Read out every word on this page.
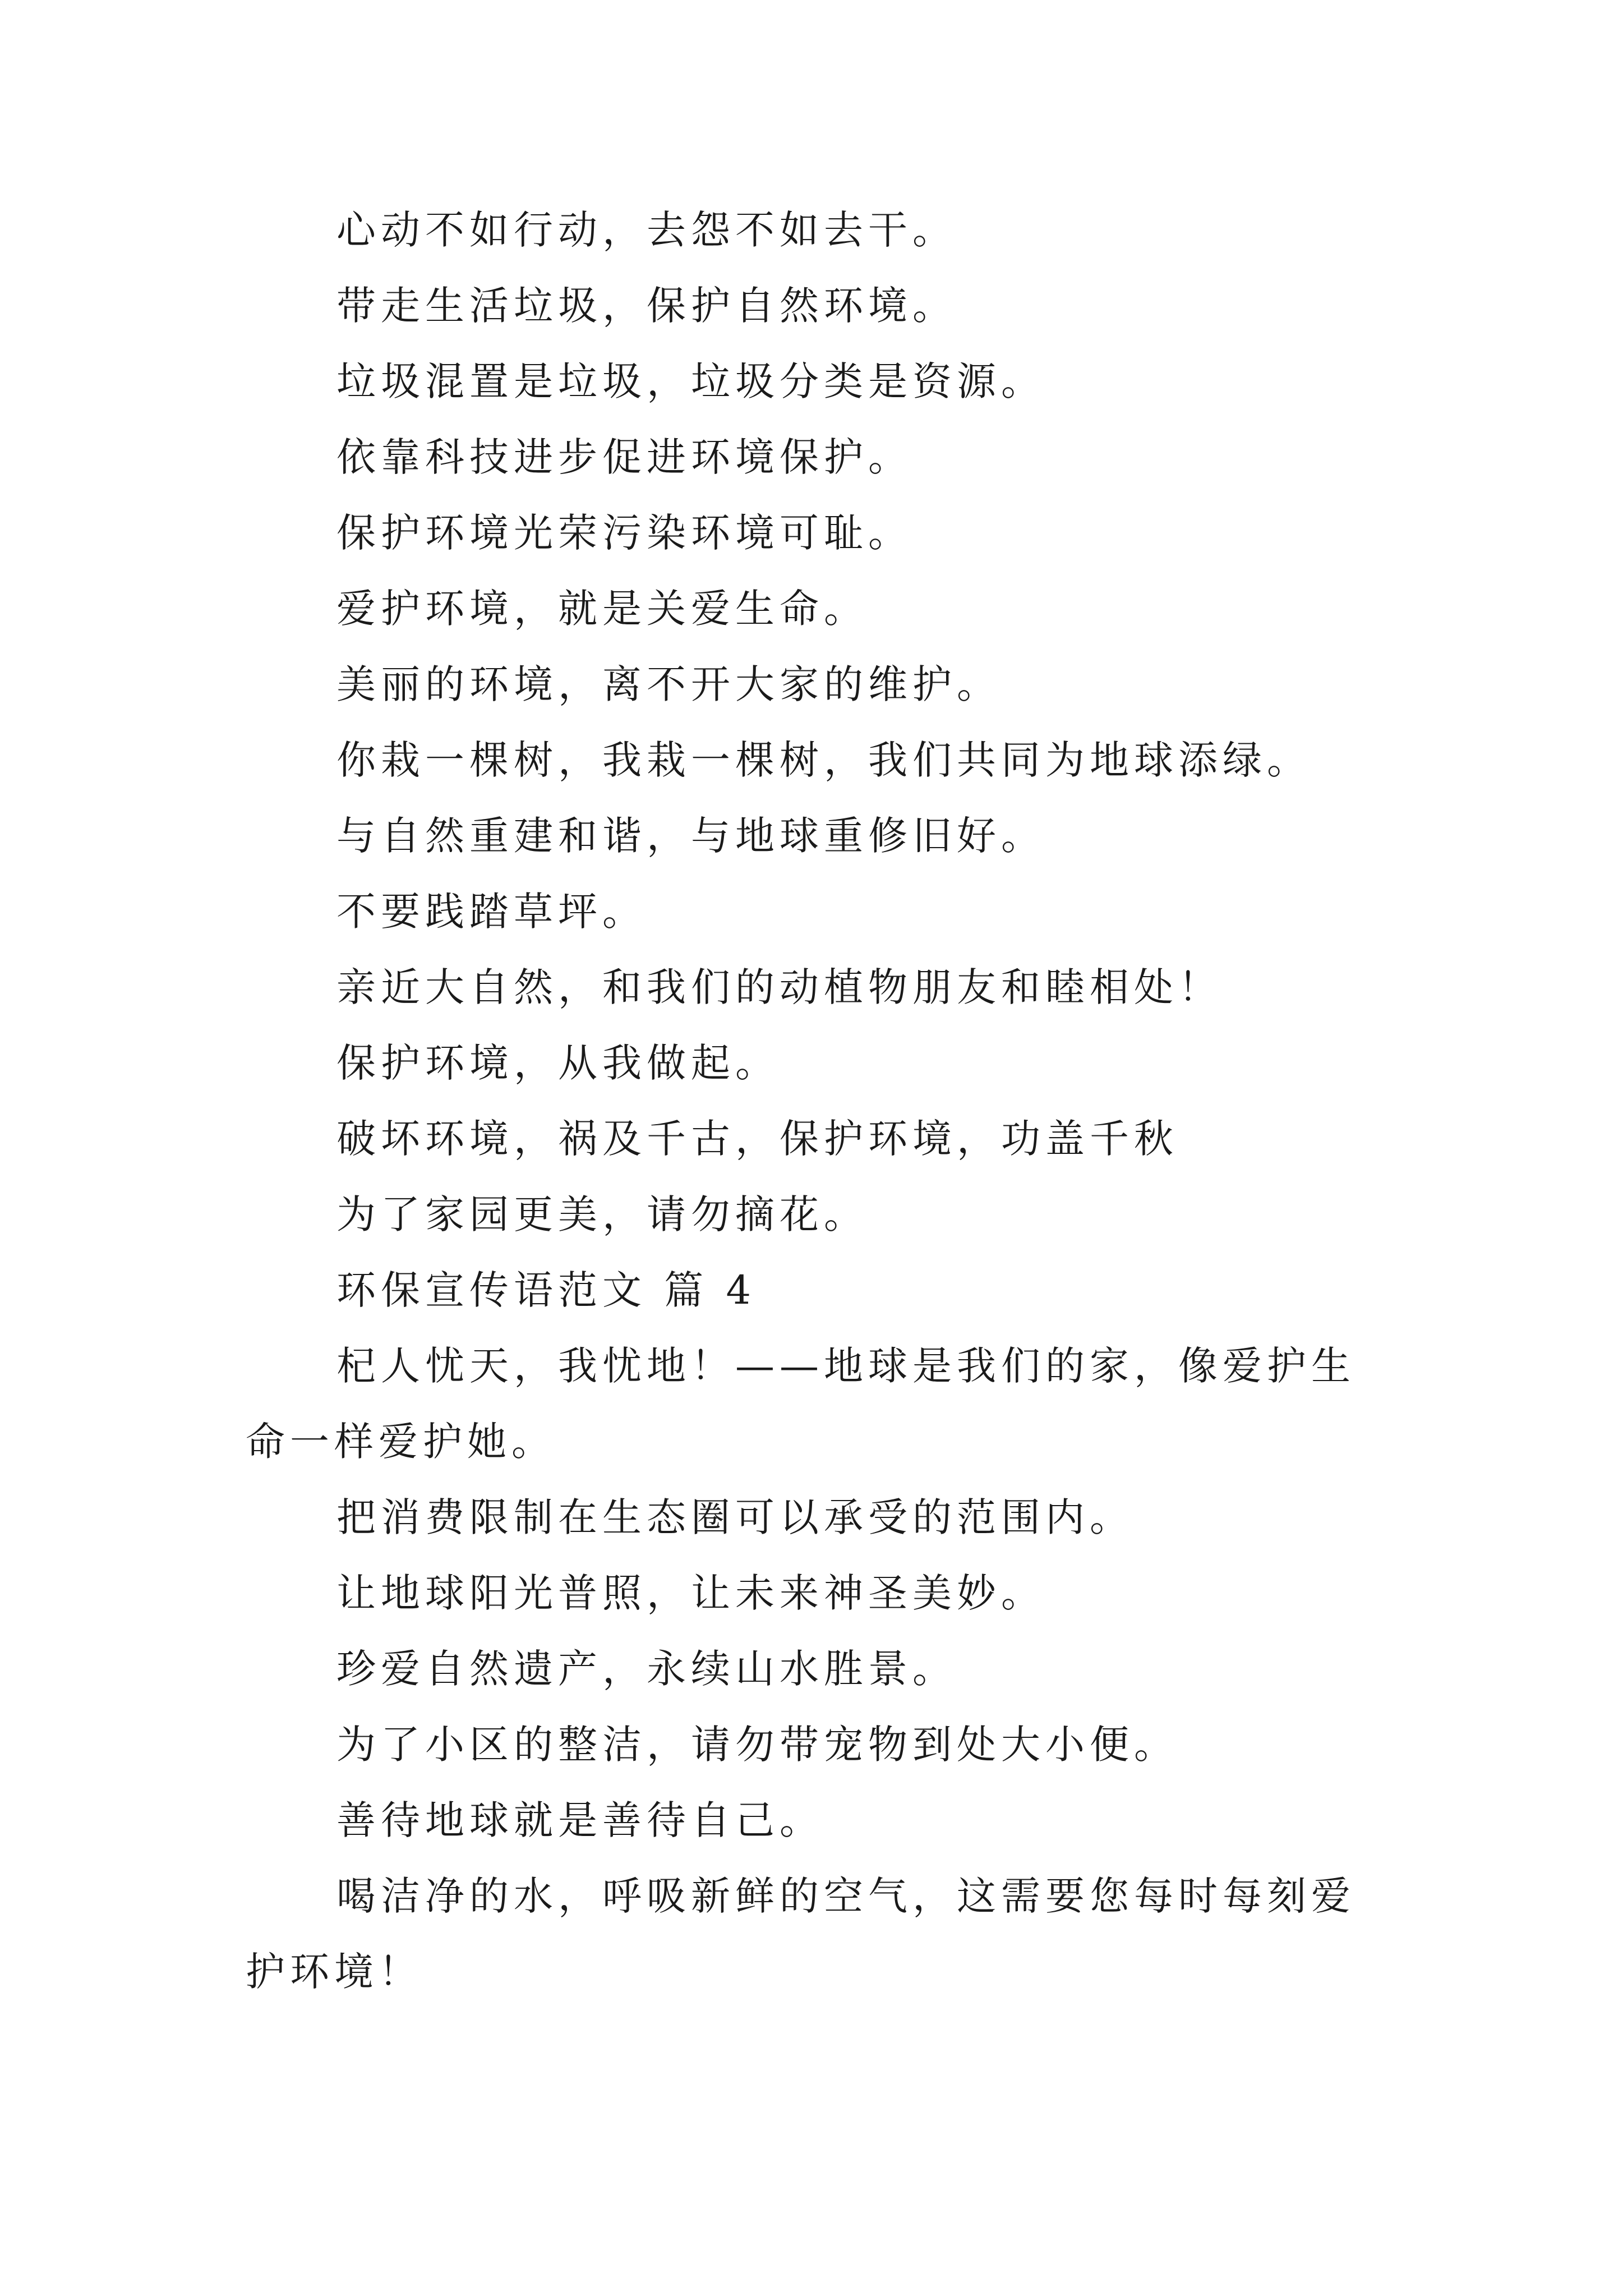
心动不如行动，去怨不如去干。

带走生活垃圾，保护自然环境。

垃圾混置是垃圾，垃圾分类是资源。

依靠科技进步促进环境保护。

保护环境光荣污染环境可耻。

爱护环境，就是关爱生命。

美丽的环境，离不开大家的维护。

你栽一棵树，我栽一棵树，我们共同为地球添绿。

与自然重建和谐，与地球重修旧好。

不要践踏草坪。

亲近大自然，和我们的动植物朋友和睦相处！

保护环境，从我做起。

破坏环境，祸及千古，保护环境，功盖千秋

为了家园更美，请勿摘花。

环保宣传语范文 篇 4

杞人忧天，我忧地！——地球是我们的家，像爱护生命一样爱护她。

把消费限制在生态圈可以承受的范围内。

让地球阳光普照，让未来神圣美妙。

珍爱自然遗产，永续山水胜景。

为了小区的整洁，请勿带宠物到处大小便。

善待地球就是善待自己。

喝洁净的水，呼吸新鲜的空气，这需要您每时每刻爱护环境！
